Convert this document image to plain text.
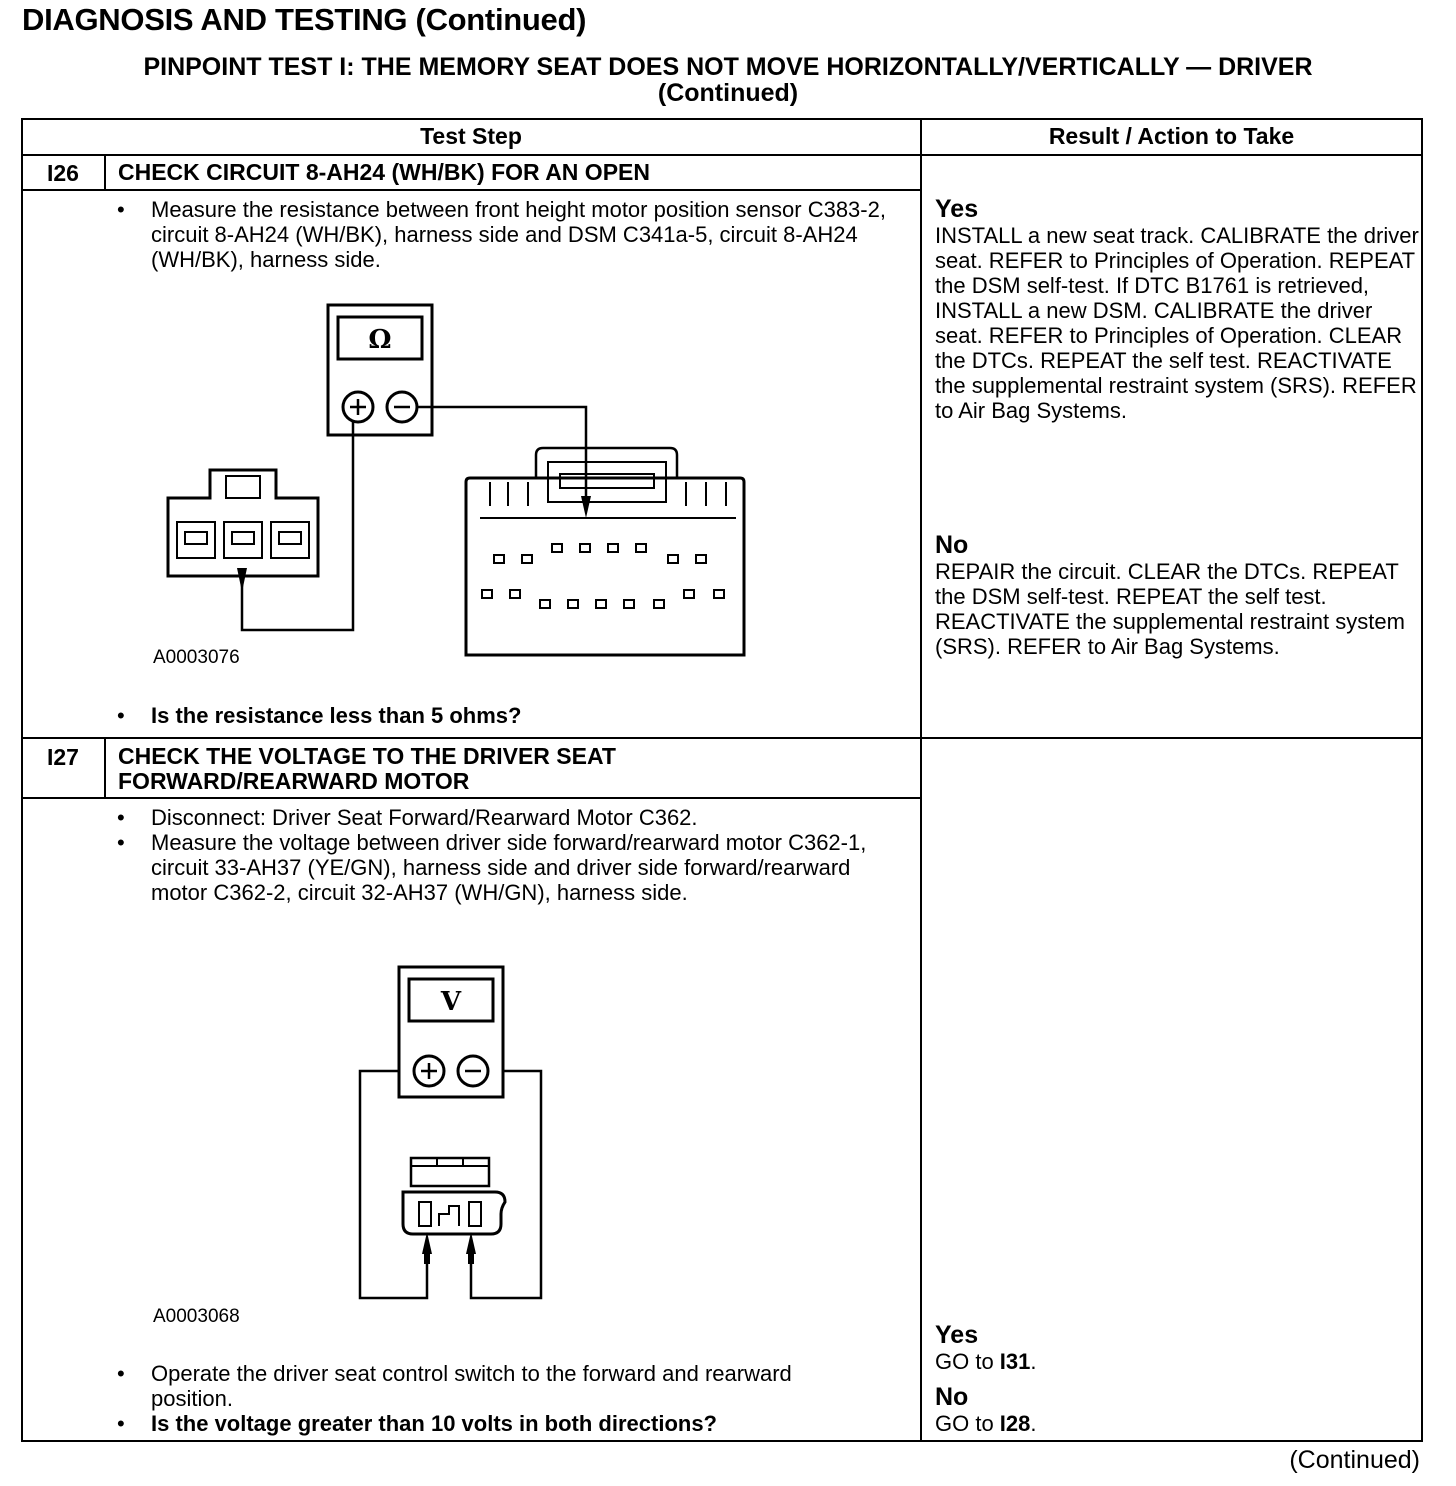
DIAGNOSIS AND TESTING (Continued)
PINPOINT TEST I: THE MEMORY SEAT DOES NOT MOVE HORIZONTALLY/VERTICALLY — DRIVER
(Continued)
Test Step	Result / Action to Take
I26	CHECK CIRCUIT 8-AH24 (WH/BK) FOR AN OPEN
• Measure the resistance between front height motor position sensor C383-2, circuit 8-AH24 (WH/BK), harness side and DSM C341a-5, circuit 8-AH24 (WH/BK), harness side.
Ω
A0003076
• Is the resistance less than 5 ohms?
Yes
INSTALL a new seat track. CALIBRATE the driver seat. REFER to Principles of Operation. REPEAT the DSM self-test. If DTC B1761 is retrieved, INSTALL a new DSM. CALIBRATE the driver seat. REFER to Principles of Operation. CLEAR the DTCs. REPEAT the self test. REACTIVATE the supplemental restraint system (SRS). REFER to Air Bag Systems.
No
REPAIR the circuit. CLEAR the DTCs. REPEAT the DSM self-test. REPEAT the self test. REACTIVATE the supplemental restraint system (SRS). REFER to Air Bag Systems.
I27	CHECK THE VOLTAGE TO THE DRIVER SEAT FORWARD/REARWARD MOTOR
• Disconnect: Driver Seat Forward/Rearward Motor C362.
• Measure the voltage between driver side forward/rearward motor C362-1, circuit 33-AH37 (YE/GN), harness side and driver side forward/rearward motor C362-2, circuit 32-AH37 (WH/GN), harness side.
V
A0003068
• Operate the driver seat control switch to the forward and rearward position.
• Is the voltage greater than 10 volts in both directions?
Yes
GO to I31.
No
GO to I28.
(Continued)
